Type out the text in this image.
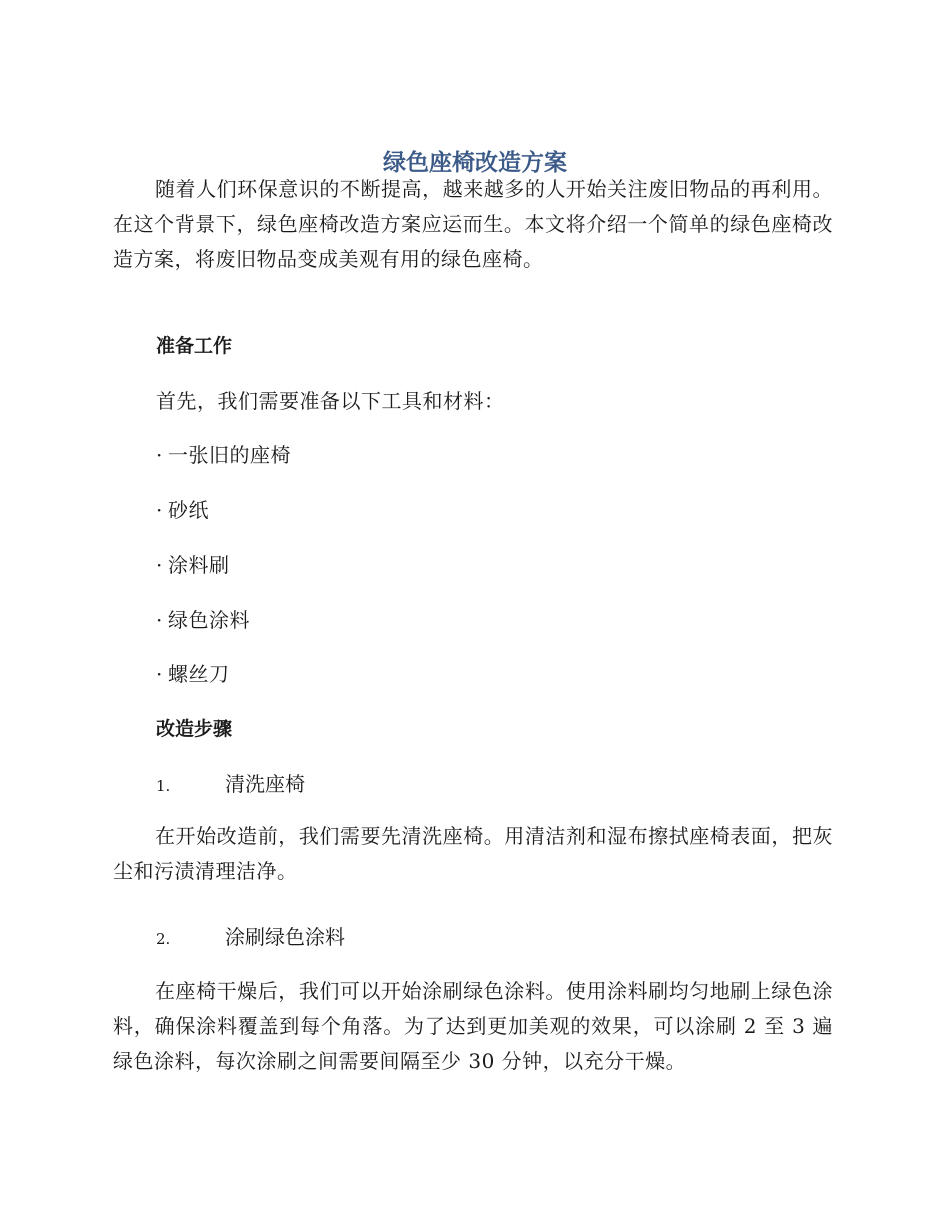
绿色座椅改造方案

随着人们环保意识的不断提高，越来越多的人开始关注废旧物品的再利用。在这个背景下，绿色座椅改造方案应运而生。本文将介绍一个简单的绿色座椅改造方案，将废旧物品变成美观有用的绿色座椅。

准备工作
首先，我们需要准备以下工具和材料：
· 一张旧的座椅
· 砂纸
· 涂料刷
· 绿色涂料
· 螺丝刀
改造步骤
1.	清洗座椅

在开始改造前，我们需要先清洗座椅。用清洁剂和湿布擦拭座椅表面，把灰尘和污渍清理洁净。

2.	涂刷绿色涂料

在座椅干燥后，我们可以开始涂刷绿色涂料。使用涂料刷均匀地刷上绿色涂料，确保涂料覆盖到每个角落。为了达到更加美观的效果，可以涂刷 2 至 3 遍绿色涂料，每次涂刷之间需要间隔至少 30 分钟，以充分干燥。
